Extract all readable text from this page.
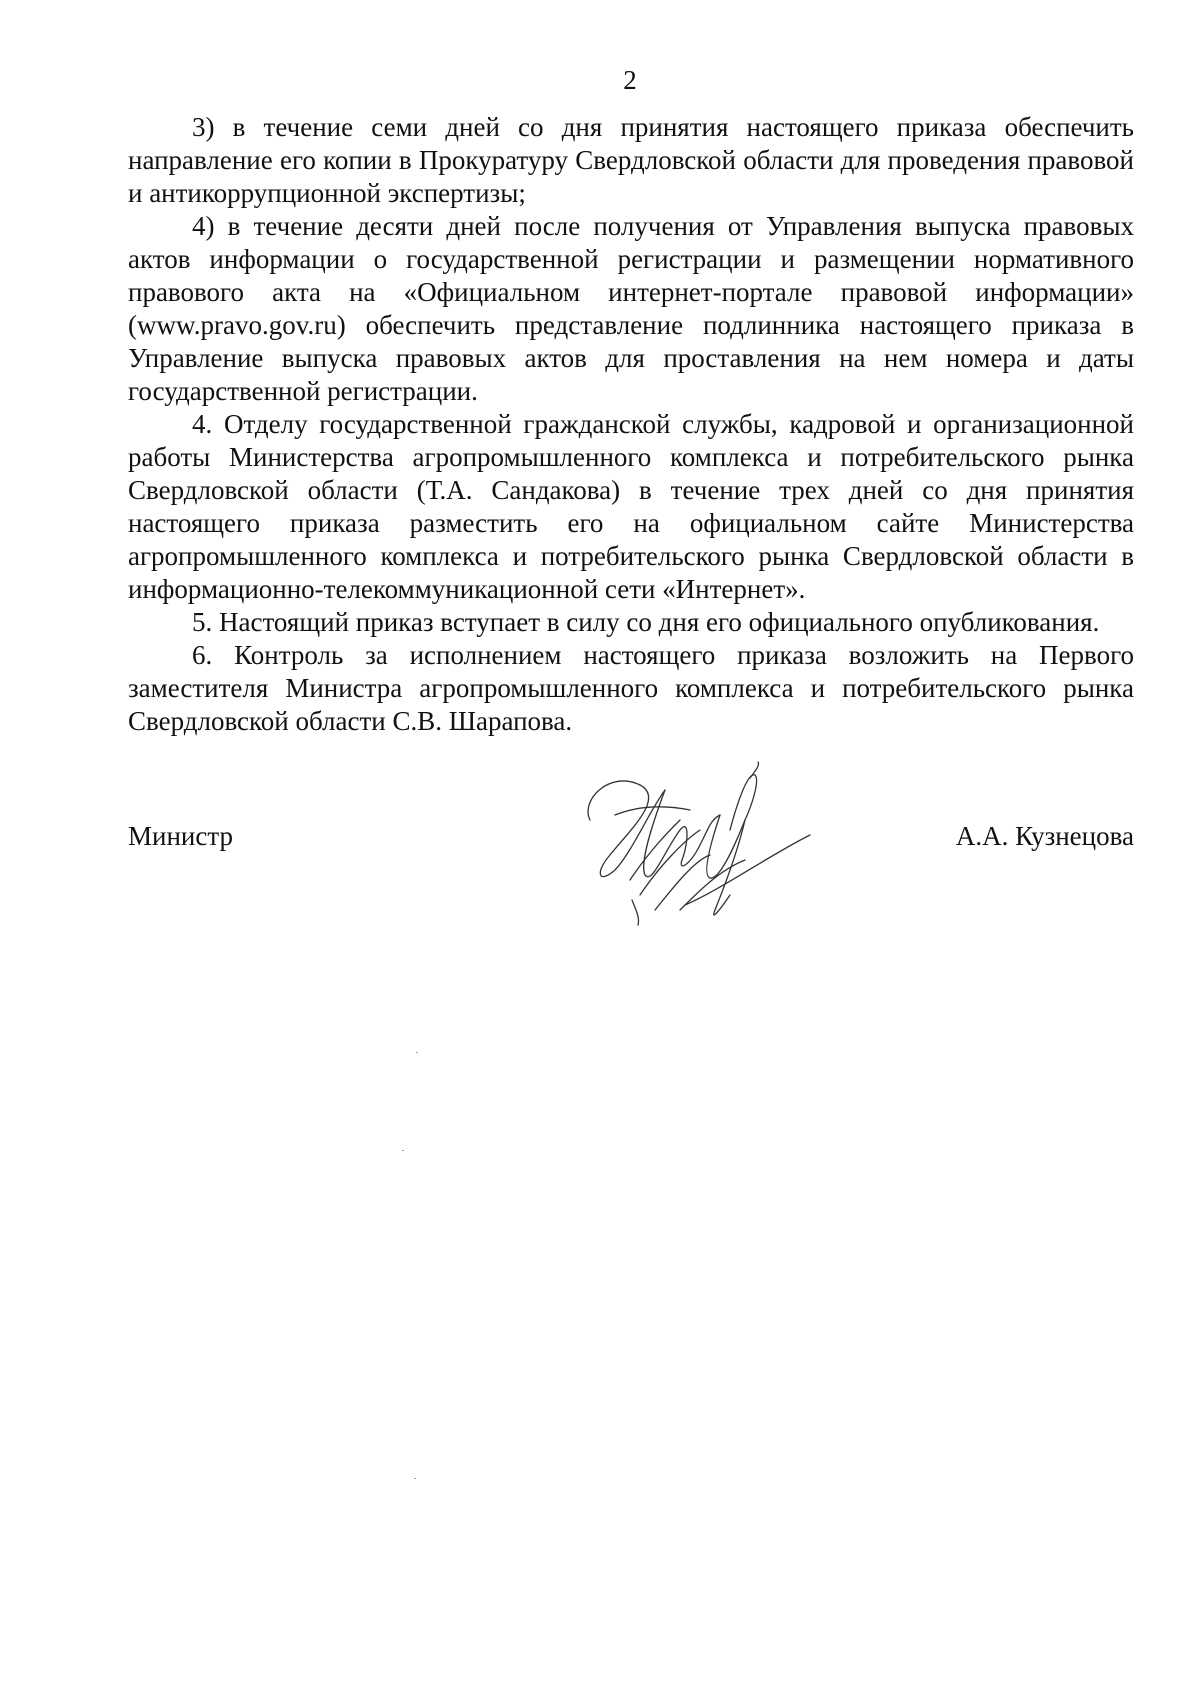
2

3) в течение семи дней со дня принятия настоящего приказа обеспечить направление его копии в Прокуратуру Свердловской области для проведения правовой и антикоррупционной экспертизы;

4) в течение десяти дней после получения от Управления выпуска правовых актов информации о государственной регистрации и размещении нормативного правового акта на «Официальном интернет-портале правовой информации» (www.pravo.gov.ru) обеспечить представление подлинника настоящего приказа в Управление выпуска правовых актов для проставления на нем номера и даты государственной регистрации.

4. Отделу государственной гражданской службы, кадровой и организационной работы Министерства агропромышленного комплекса и потребительского рынка Свердловской области (Т.А. Сандакова) в течение трех дней со дня принятия настоящего приказа разместить его на официальном сайте Министерства агропромышленного комплекса и потребительского рынка Свердловской области в информационно-телекоммуникационной сети «Интернет».

5. Настоящий приказ вступает в силу со дня его официального опубликования.

6. Контроль за исполнением настоящего приказа возложить на Первого заместителя Министра агропромышленного комплекса и потребительского рынка Свердловской области С.В. Шарапова.

Министр	А.А. Кузнецова
